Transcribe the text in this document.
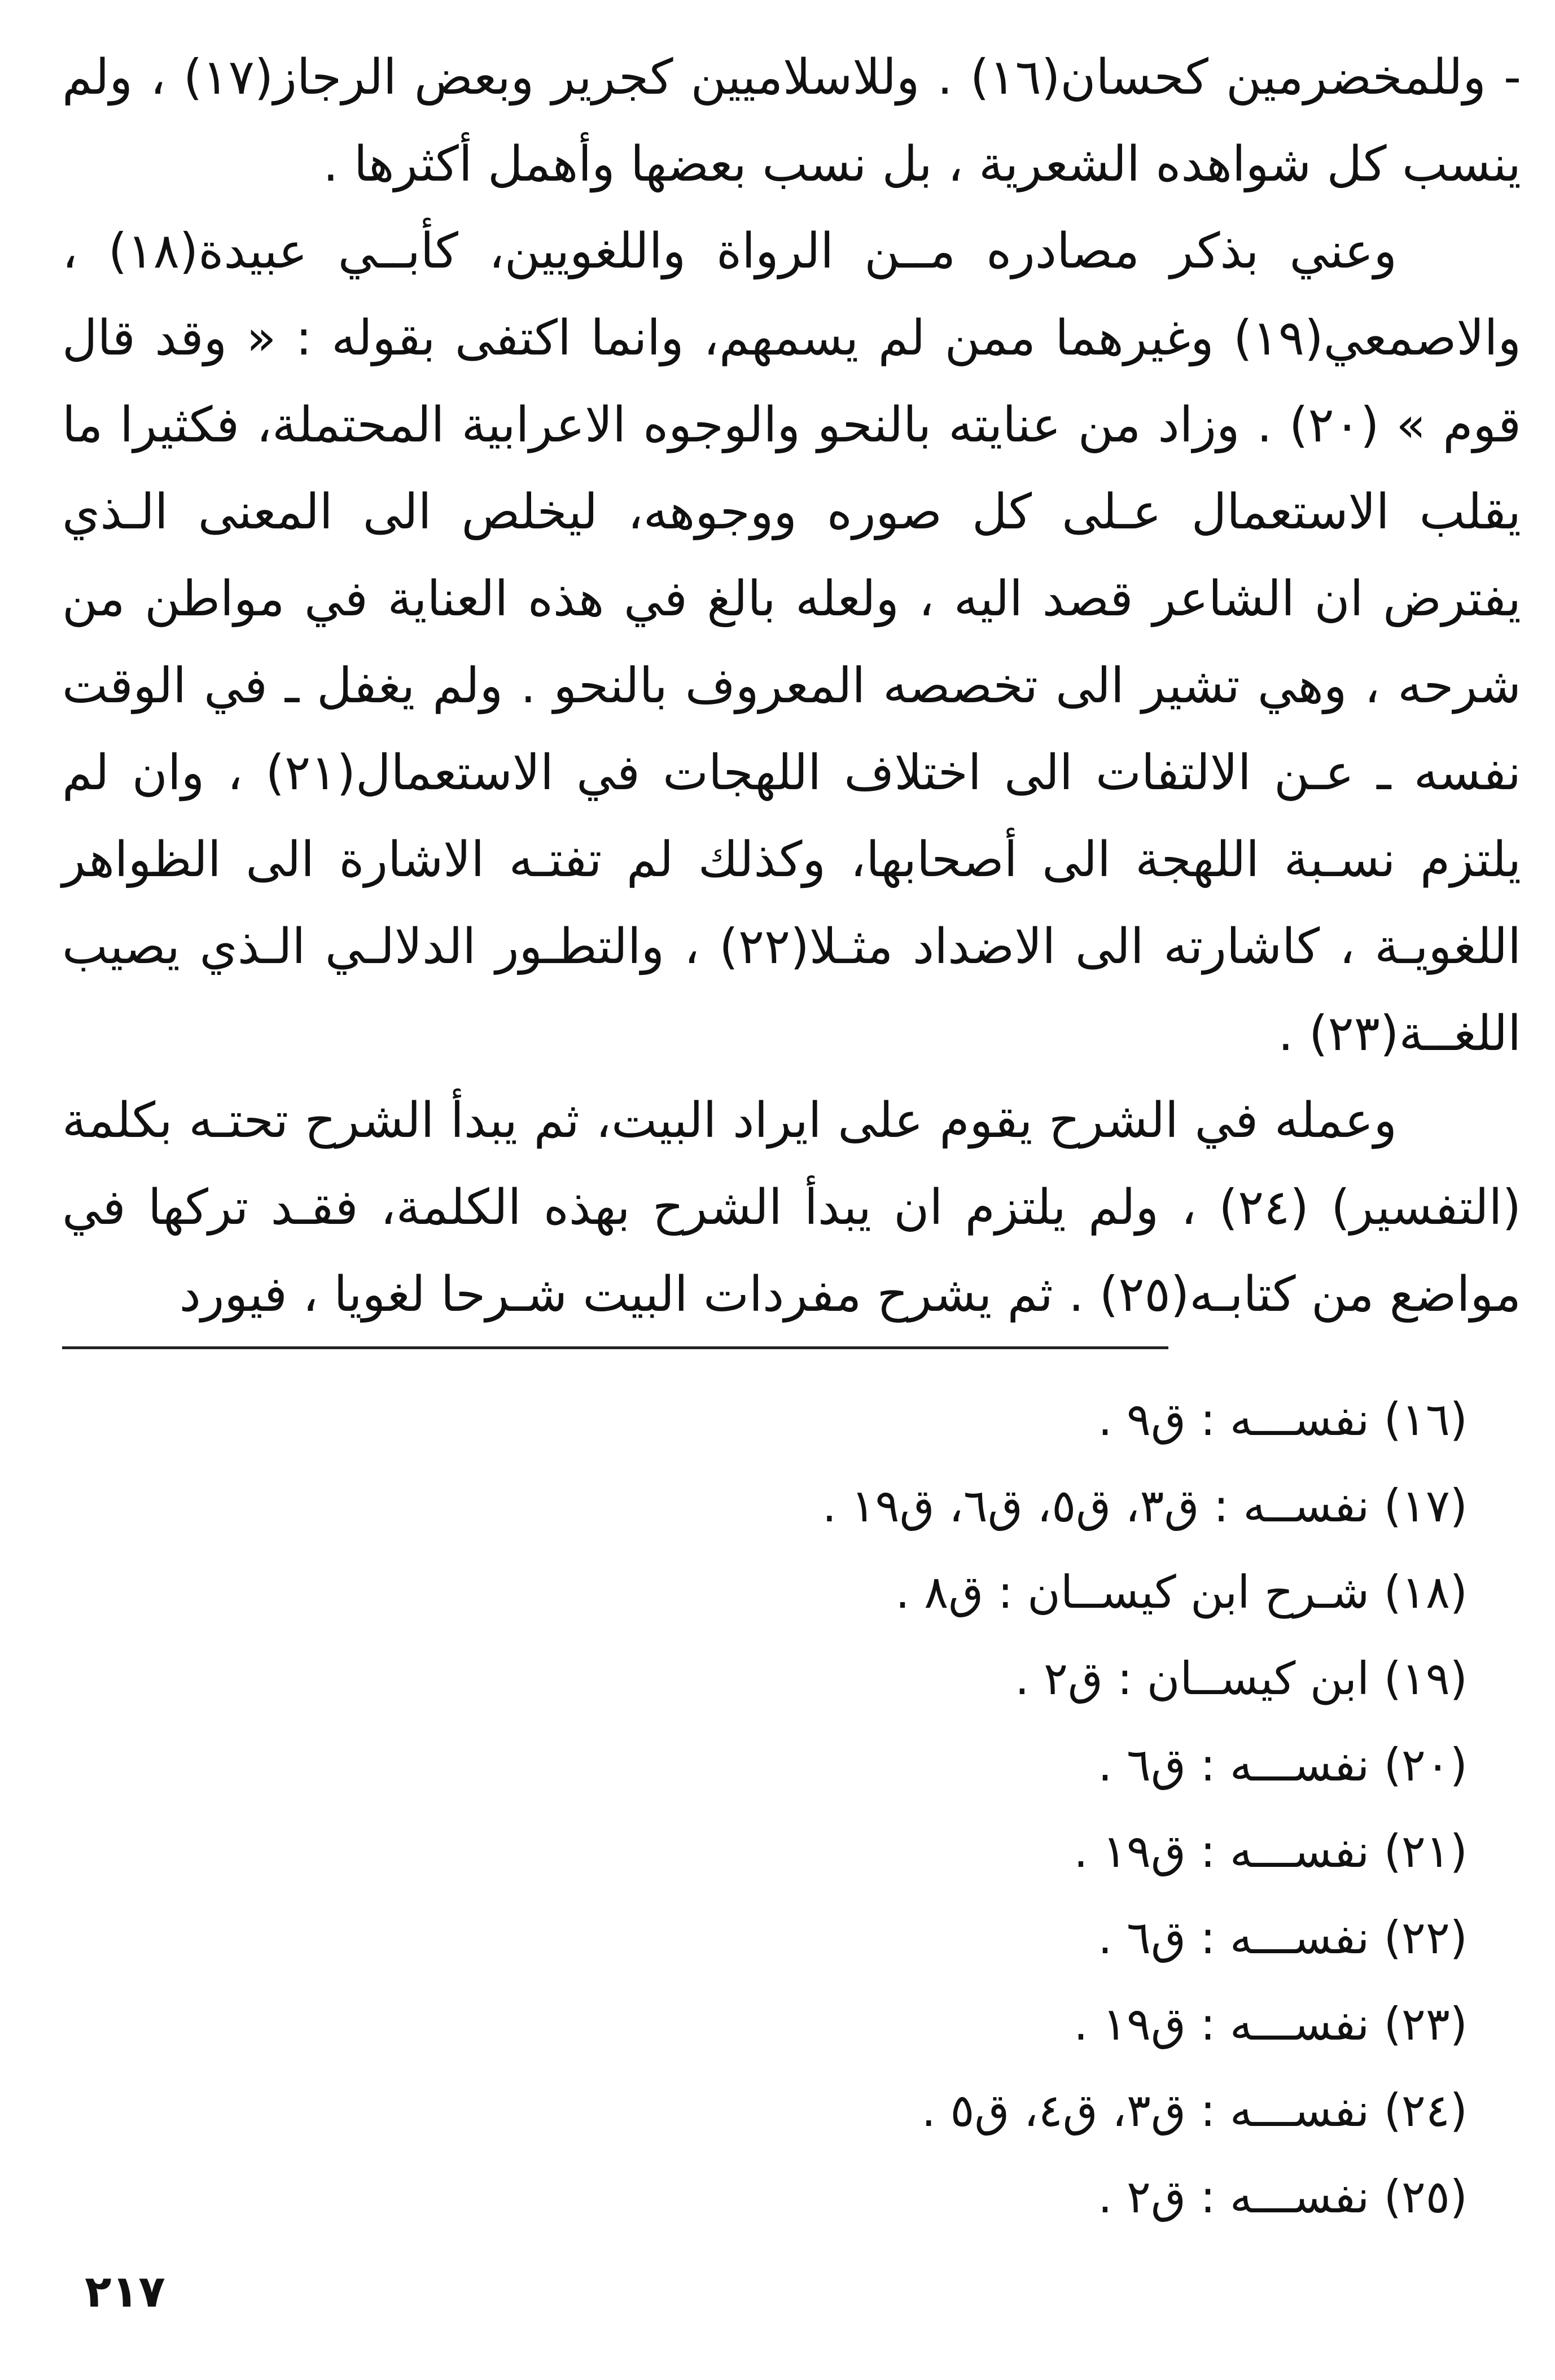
- وللمخضرمين كحسان(١٦) . وللاسلاميين كجرير وبعض الرجاز(١٧) ، ولم ينسب كل شواهده الشعرية ، بل نسب بعضها وأهمل أكثرها .

وعني بذكر مصادره مــن الرواة واللغويين، كأبــي عبيدة(١٨) ، والاصمعي(١٩) وغيرهما ممن لم يسمهم، وانما اكتفى بقوله : « وقد قال قوم » (٢٠) . وزاد من عنايته بالنحو والوجوه الاعرابية المحتملة، فكثيرا ما يقلب الاستعمال عـلى كل صوره ووجوهه، ليخلص الى المعنى الـذي يفترض ان الشاعر قصد اليه ، ولعله بالغ في هذه العناية في مواطن من شرحه ، وهي تشير الى تخصصه المعروف بالنحو . ولم يغفل ـ في الوقت نفسه ـ عـن الالتفات الى اختلاف اللهجات في الاستعمال(٢١) ، وان لم يلتزم نسـبة اللهجة الى أصحابها، وكذلك لم تفتـه الاشارة الى الظواهر اللغويـة ، كاشارته الى الاضداد مثـلا(٢٢) ، والتطـور الدلالـي الـذي يصيب اللغــة(٢٣) .

وعمله في الشرح يقوم على ايراد البيت، ثم يبدأ الشرح تحتـه بكلمة (التفسير) (٢٤) ، ولم يلتزم ان يبدأ الشرح بهذه الكلمة، فقـد تركها في مواضع من كتابـه(٢٥) . ثم يشرح مفردات البيت شـرحا لغويا ، فيورد

(١٦) نفســـه : ق٩ .
(١٧) نفســه : ق٣، ق٥، ق٦، ق١٩ .
(١٨) شـرح ابن كيســان : ق٨ .
(١٩) ابن كيســان : ق٢ .
(٢٠) نفســـه : ق٦ .
(٢١) نفســـه : ق١٩ .
(٢٢) نفســـه : ق٦ .
(٢٣) نفســـه : ق١٩ .
(٢٤) نفســـه : ق٣، ق٤، ق٥ .
(٢٥) نفســـه : ق٢ .
٢١٧
